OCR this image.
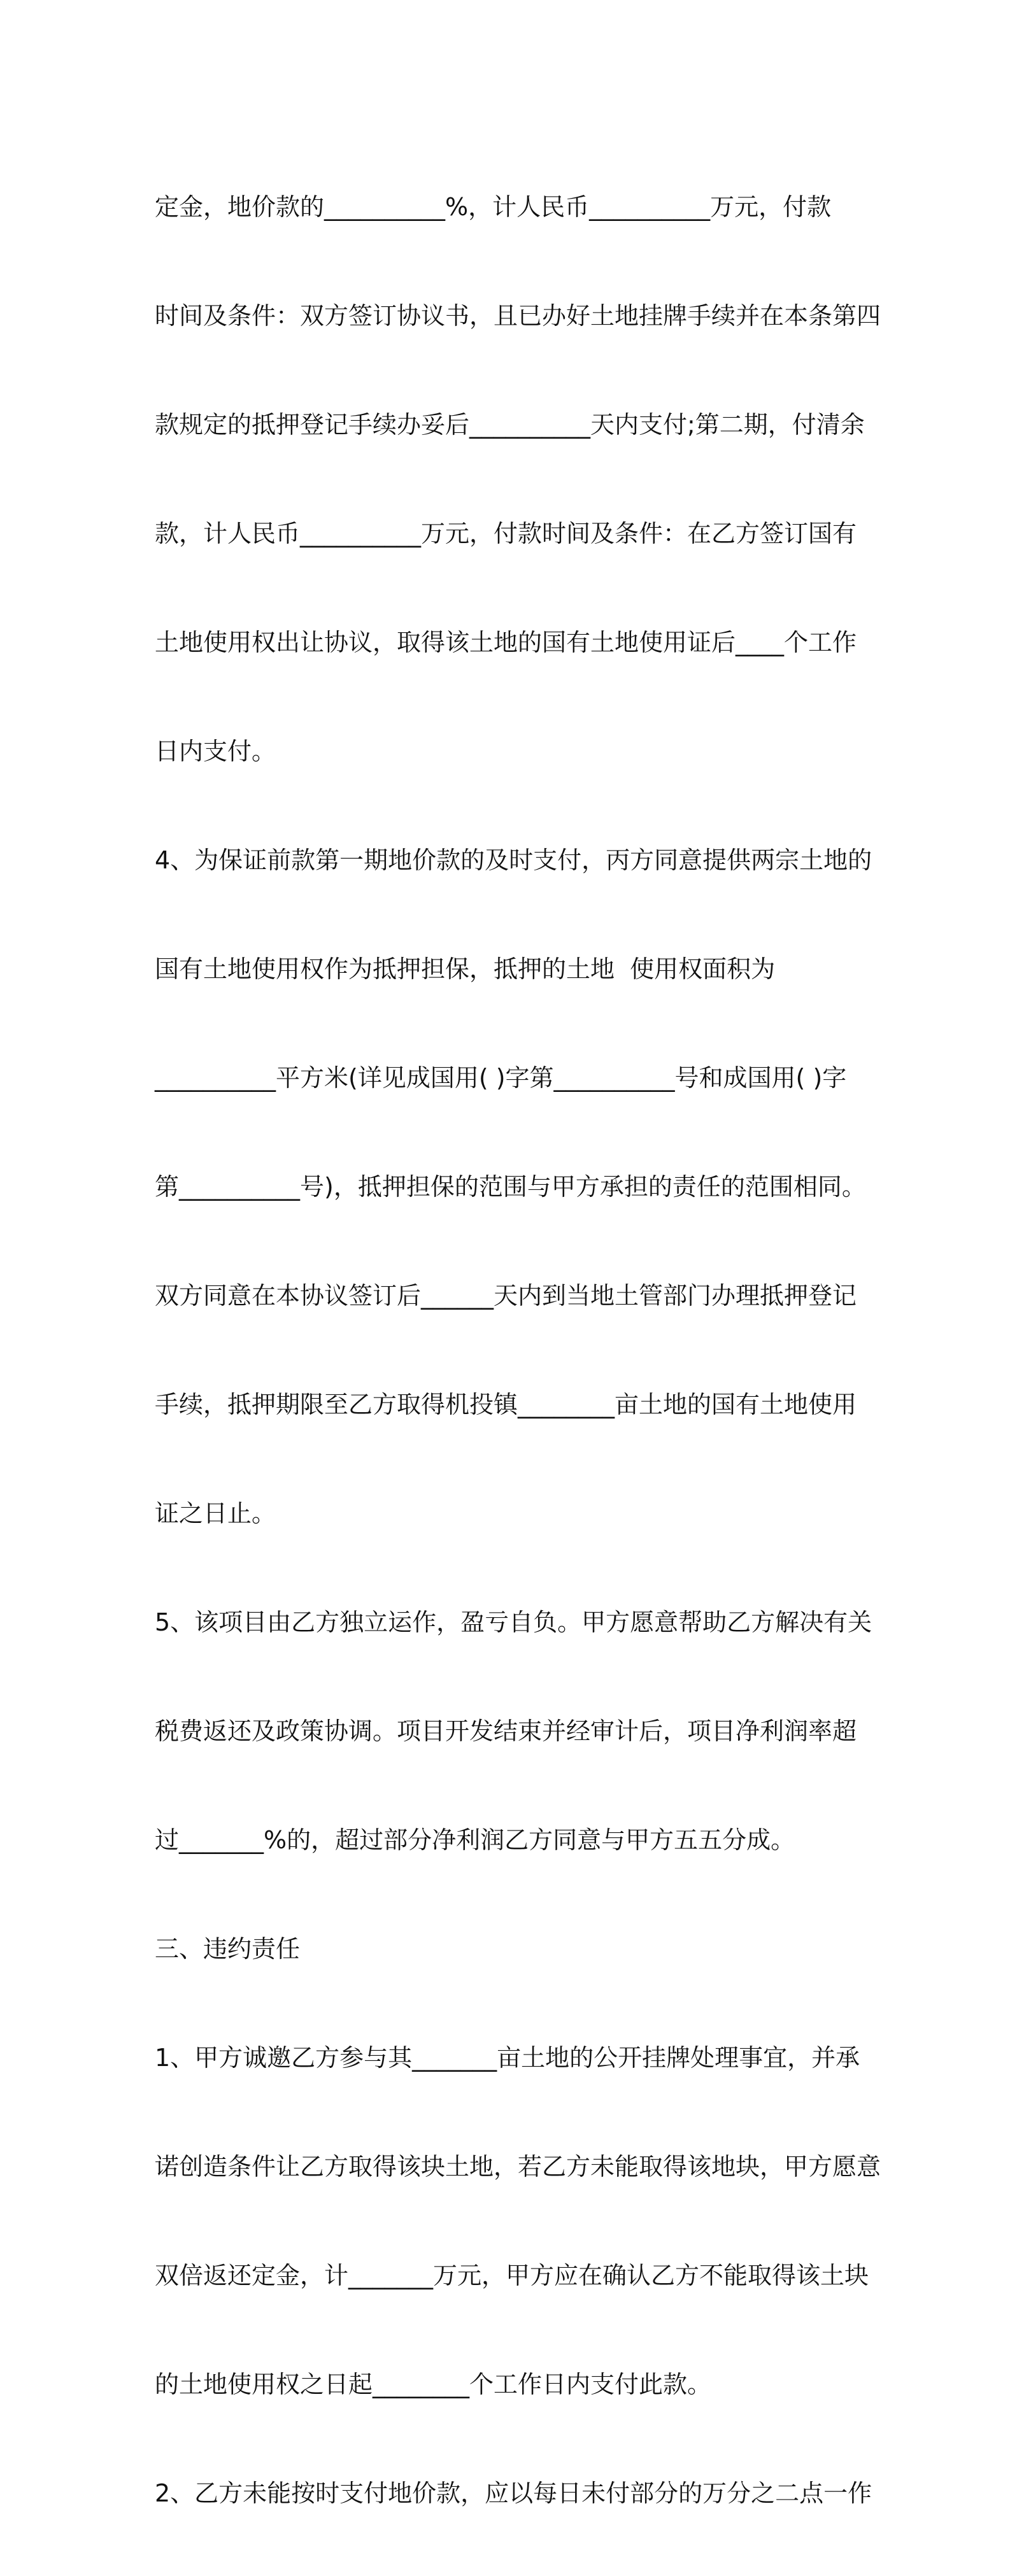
定金，地价款的__________%，计人民币__________万元，付款

时间及条件：双方签订协议书，且已办好土地挂牌手续并在本条第四

款规定的抵押登记手续办妥后__________天内支付;第二期，付清余

款，计人民币__________万元，付款时间及条件：在乙方签订国有

土地使用权出让协议，取得该土地的国有土地使用证后____个工作

日内支付。

4、为保证前款第一期地价款的及时支付，丙方同意提供两宗土地的

国有土地使用权作为抵押担保，抵押的土地  使用权面积为

__________平方米(详见成国用( )字第__________号和成国用( )字

第__________号)，抵押担保的范围与甲方承担的责任的范围相同。

双方同意在本协议签订后______天内到当地土管部门办理抵押登记

手续，抵押期限至乙方取得机投镇________亩土地的国有土地使用

证之日止。

5、该项目由乙方独立运作，盈亏自负。甲方愿意帮助乙方解决有关

税费返还及政策协调。项目开发结束并经审计后，项目净利润率超

过_______%的，超过部分净利润乙方同意与甲方五五分成。

三、违约责任

1、甲方诚邀乙方参与其_______亩土地的公开挂牌处理事宜，并承

诺创造条件让乙方取得该块土地，若乙方未能取得该地块，甲方愿意

双倍返还定金，计_______万元，甲方应在确认乙方不能取得该土块

的土地使用权之日起________个工作日内支付此款。

2、乙方未能按时支付地价款，应以每日未付部分的万分之二点一作
